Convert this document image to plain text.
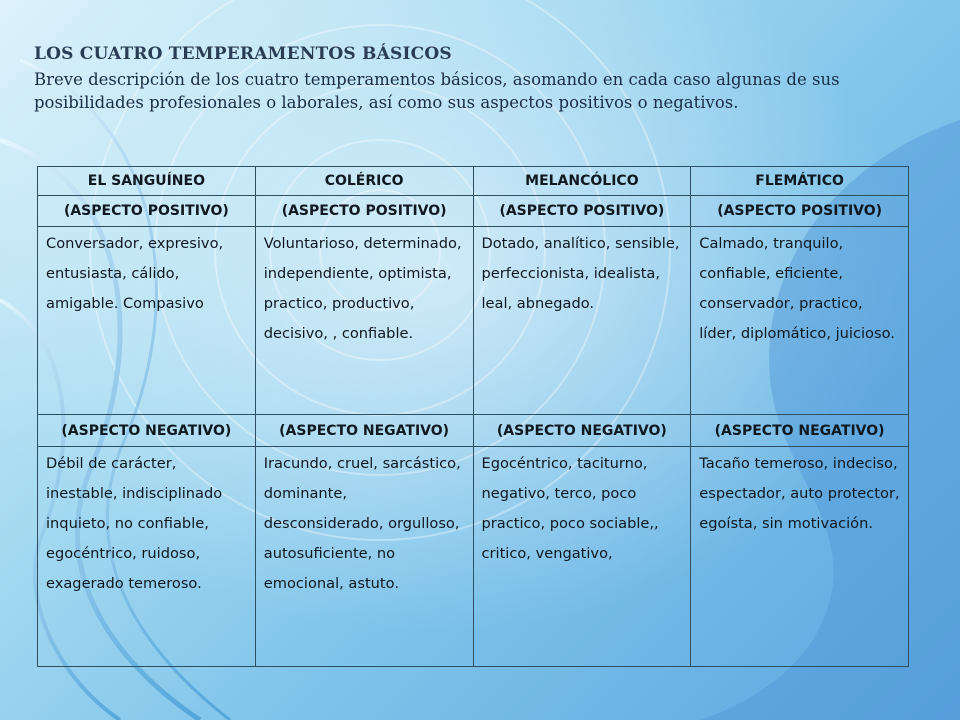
LOS CUATRO TEMPERAMENTOS BÁSICOS

Breve descripción de los cuatro temperamentos básicos, asomando en cada caso algunas de sus posibilidades profesionales o laborales, así como sus aspectos positivos o negativos.

EL SANGUÍNEO	COLÉRICO	MELANCÓLICO	FLEMÁTICO
(ASPECTO POSITIVO)	(ASPECTO POSITIVO)	(ASPECTO POSITIVO)	(ASPECTO POSITIVO)
Conversador, expresivo, entusiasta, cálido, amigable. Compasivo	Voluntarioso, determinado, independiente, optimista, practico, productivo, decisivo, , confiable.	Dotado, analítico, sensible, perfeccionista, idealista, leal, abnegado.	Calmado, tranquilo, confiable, eficiente, conservador, practico, líder, diplomático, juicioso.
(ASPECTO NEGATIVO)	(ASPECTO NEGATIVO)	(ASPECTO NEGATIVO)	(ASPECTO NEGATIVO)
Débil de carácter, inestable, indisciplinado inquieto, no confiable, egocéntrico, ruidoso, exagerado temeroso.	Iracundo, cruel, sarcástico, dominante, desconsiderado, orgulloso, autosuficiente, no emocional, astuto.	Egocéntrico, taciturno, negativo, terco, poco practico, poco sociable,, critico, vengativo,	Tacaño temeroso, indeciso, espectador, auto protector, egoísta, sin motivación.
